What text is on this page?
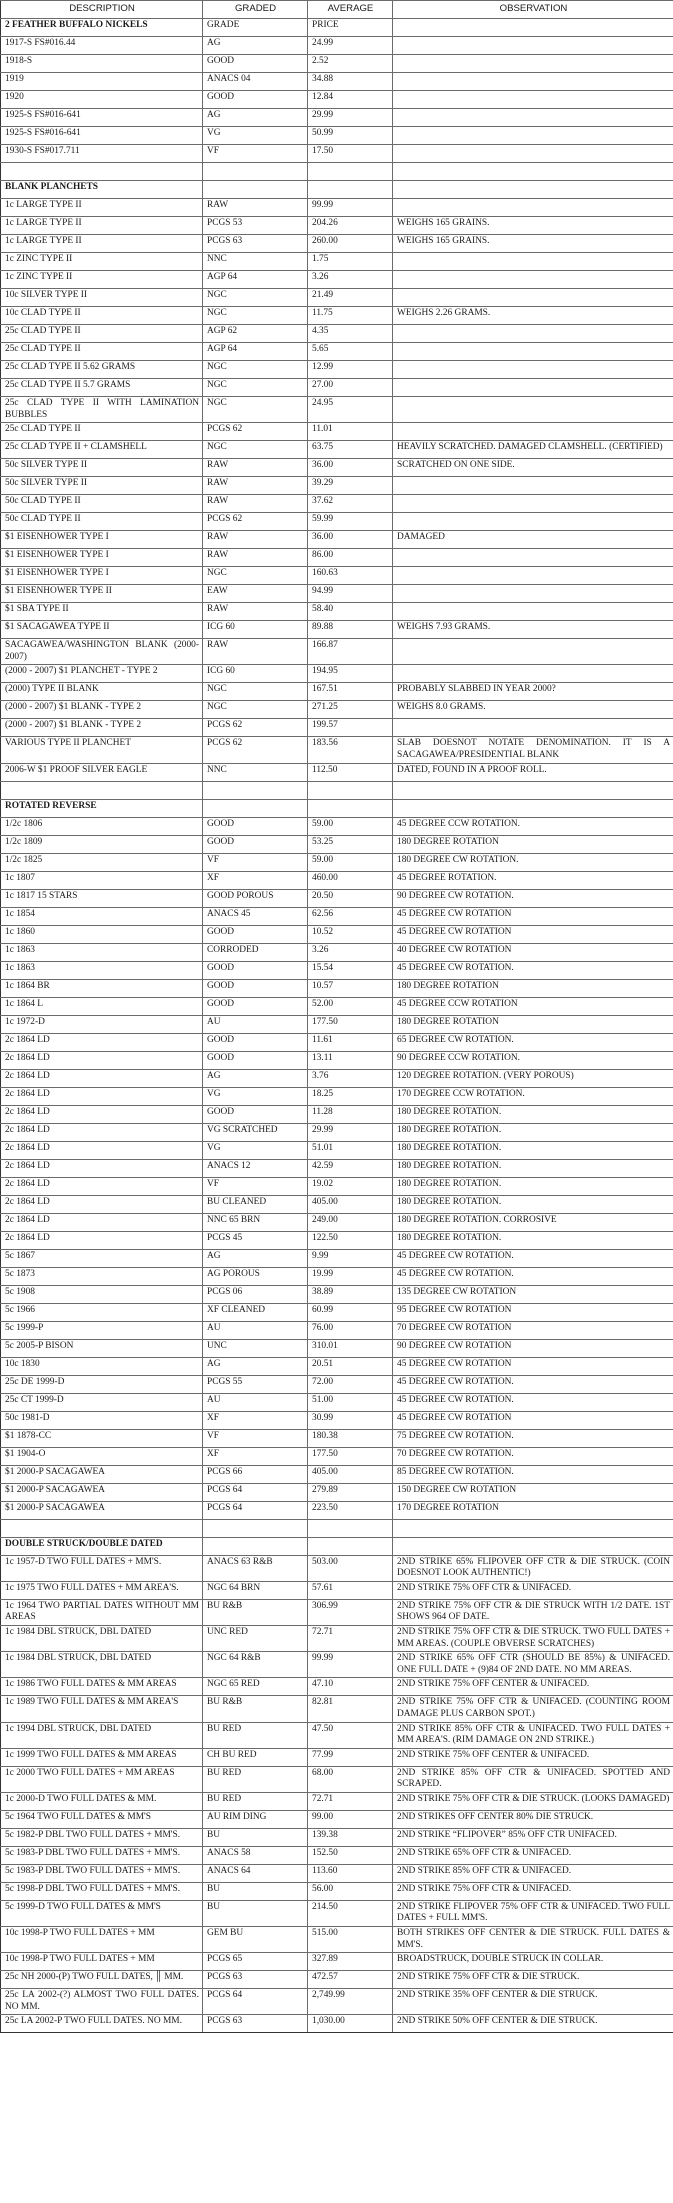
DESCRIPTION	GRADED	AVERAGE	OBSERVATION
2 FEATHER BUFFALO NICKELS	GRADE	PRICE	
1917-S FS#016.44	AG	24.99	
1918-S	GOOD	2.52	
1919	ANACS 04	34.88	
1920	GOOD	12.84	
1925-S FS#016-641	AG	29.99	
1925-S FS#016-641	VG	50.99	
1930-S FS#017.711	VF	17.50	

BLANK PLANCHETS			
1c LARGE TYPE II	RAW	99.99	
1c LARGE TYPE II	PCGS 53	204.26	WEIGHS 165 GRAINS.
1c LARGE TYPE II	PCGS 63	260.00	WEIGHS 165 GRAINS.
1c ZINC TYPE II	NNC	1.75	
1c ZINC TYPE II	AGP 64	3.26	
10c SILVER TYPE II	NGC	21.49	
10c CLAD TYPE II	NGC	11.75	WEIGHS 2.26 GRAMS.
25c CLAD TYPE II	AGP 62	4.35	
25c CLAD TYPE II	AGP 64	5.65	
25c CLAD TYPE II 5.62 GRAMS	NGC	12.99	
25c CLAD TYPE II 5.7 GRAMS	NGC	27.00	
25c CLAD TYPE II WITH LAMINATION BUBBLES	NGC	24.95	
25c CLAD TYPE II	PCGS 62	11.01	
25c CLAD TYPE II + CLAMSHELL	NGC	63.75	HEAVILY SCRATCHED. DAMAGED CLAMSHELL. (CERTIFIED)
50c SILVER TYPE II	RAW	36.00	SCRATCHED ON ONE SIDE.
50c SILVER TYPE II	RAW	39.29	
50c CLAD TYPE II	RAW	37.62	
50c CLAD TYPE II	PCGS 62	59.99	
$1 EISENHOWER TYPE I	RAW	36.00	DAMAGED
$1 EISENHOWER TYPE I	RAW	86.00	
$1 EISENHOWER TYPE I	NGC	160.63	
$1 EISENHOWER TYPE II	EAW	94.99	
$1 SBA TYPE II	RAW	58.40	
$1 SACAGAWEA TYPE II	ICG 60	89.88	WEIGHS 7.93 GRAMS.
SACAGAWEA/WASHINGTON BLANK (2000-2007)	RAW	166.87	
(2000 - 2007) $1 PLANCHET - TYPE 2	ICG 60	194.95	
(2000) TYPE II BLANK	NGC	167.51	PROBABLY SLABBED IN YEAR 2000?
(2000 - 2007) $1 BLANK - TYPE 2	NGC	271.25	WEIGHS 8.0 GRAMS.
(2000 - 2007) $1 BLANK - TYPE 2	PCGS 62	199.57	
VARIOUS TYPE II PLANCHET	PCGS 62	183.56	SLAB DOESNOT NOTATE DENOMINATION. IT IS A SACAGAWEA/PRESIDENTIAL BLANK
2006-W $1 PROOF SILVER EAGLE	NNC	112.50	DATED, FOUND IN A PROOF ROLL.

ROTATED REVERSE			
1/2c 1806	GOOD	59.00	45 DEGREE CCW ROTATION.
1/2c 1809	GOOD	53.25	180 DEGREE ROTATION
1/2c 1825	VF	59.00	180 DEGREE CW ROTATION.
1c 1807	XF	460.00	45 DEGREE ROTATION.
1c 1817 15 STARS	GOOD POROUS	20.50	90 DEGREE CW ROTATION.
1c 1854	ANACS 45	62.56	45 DEGREE CW ROTATION
1c 1860	GOOD	10.52	45 DEGREE CW ROTATION
1c 1863	CORRODED	3.26	40 DEGREE CW ROTATION
1c 1863	GOOD	15.54	45 DEGREE CW ROTATION.
1c 1864 BR	GOOD	10.57	180 DEGREE ROTATION
1c 1864 L	GOOD	52.00	45 DEGREE CCW ROTATION
1c 1972-D	AU	177.50	180 DEGREE ROTATION
2c 1864 LD	GOOD	11.61	65 DEGREE CW ROTATION.
2c 1864 LD	GOOD	13.11	90 DEGREE CCW ROTATION.
2c 1864 LD	AG	3.76	120 DEGREE ROTATION. (VERY POROUS)
2c 1864 LD	VG	18.25	170 DEGREE CCW ROTATION.
2c 1864 LD	GOOD	11.28	180 DEGREE ROTATION.
2c 1864 LD	VG SCRATCHED	29.99	180 DEGREE ROTATION.
2c 1864 LD	VG	51.01	180 DEGREE ROTATION.
2c 1864 LD	ANACS 12	42.59	180 DEGREE ROTATION.
2c 1864 LD	VF	19.02	180 DEGREE ROTATION.
2c 1864 LD	BU CLEANED	405.00	180 DEGREE ROTATION.
2c 1864 LD	NNC 65 BRN	249.00	180 DEGREE ROTATION. CORROSIVE
2c 1864 LD	PCGS 45	122.50	180 DEGREE ROTATION.
5c 1867	AG	9.99	45 DEGREE CW ROTATION.
5c 1873	AG POROUS	19.99	45 DEGREE CW ROTATION.
5c 1908	PCGS 06	38.89	135 DEGREE CW ROTATION
5c 1966	XF CLEANED	60.99	95 DEGREE CW ROTATION
5c 1999-P	AU	76.00	70 DEGREE CW ROTATION
5c 2005-P BISON	UNC	310.01	90 DEGREE CW ROTATION
10c 1830	AG	20.51	45 DEGREE CW ROTATION
25c DE 1999-D	PCGS 55	72.00	45 DEGREE CW ROTATION.
25c CT 1999-D	AU	51.00	45 DEGREE CW ROTATION.
50c 1981-D	XF	30.99	45 DEGREE CW ROTATION
$1 1878-CC	VF	180.38	75 DEGREE CW ROTATION.
$1 1904-O	XF	177.50	70 DEGREE CW ROTATION.
$1 2000-P SACAGAWEA	PCGS 66	405.00	85 DEGREE CW ROTATION.
$1 2000-P SACAGAWEA	PCGS 64	279.89	150 DEGREE CW ROTATION
$1 2000-P SACAGAWEA	PCGS 64	223.50	170 DEGREE ROTATION

DOUBLE STRUCK/DOUBLE DATED			
1c 1957-D TWO FULL DATES + MM'S.	ANACS 63 R&B	503.00	2ND STRIKE 65% FLIPOVER OFF CTR & DIE STRUCK. (COIN DOESNOT LOOK AUTHENTIC!)
1c 1975 TWO FULL DATES + MM AREA'S.	NGC 64 BRN	57.61	2ND STRIKE 75% OFF CTR & UNIFACED.
1c 1964 TWO PARTIAL DATES WITHOUT MM AREAS	BU R&B	306.99	2ND STRIKE 75% OFF CTR & DIE STRUCK WITH 1/2 DATE. 1ST SHOWS 964 OF DATE.
1c 1984 DBL STRUCK, DBL DATED	UNC RED	72.71	2ND STRIKE 75% OFF CTR & DIE STRUCK. TWO FULL DATES + MM AREAS. (COUPLE OBVERSE SCRATCHES)
1c 1984 DBL STRUCK, DBL DATED	NGC 64 R&B	99.99	2ND STRIKE 65% OFF CTR (SHOULD BE 85%) & UNIFACED. ONE FULL DATE + (9)84 OF 2ND DATE. NO MM AREAS.
1c 1986 TWO FULL DATES & MM AREAS	NGC 65 RED	47.10	2ND STRIKE 75% OFF CENTER & UNIFACED.
1c 1989 TWO FULL DATES & MM AREA'S	BU R&B	82.81	2ND STRIKE 75% OFF CTR & UNIFACED. (COUNTING ROOM DAMAGE PLUS CARBON SPOT.)
1c 1994 DBL STRUCK, DBL DATED	BU RED	47.50	2ND STRIKE 85% OFF CTR & UNIFACED. TWO FULL DATES + MM AREA'S. (RIM DAMAGE ON 2ND STRIKE.)
1c 1999 TWO FULL DATES & MM AREAS	CH BU RED	77.99	2ND STRIKE 75% OFF CENTER & UNIFACED.
1c 2000 TWO FULL DATES + MM AREAS	BU RED	68.00	2ND STRIKE 85% OFF CTR & UNIFACED. SPOTTED AND SCRAPED.
1c 2000-D TWO FULL DATES & MM.	BU RED	72.71	2ND STRIKE 75% OFF CTR & DIE STRUCK. (LOOKS DAMAGED)
5c 1964 TWO FULL DATES & MM'S	AU RIM DING	99.00	2ND STRIKES OFF CENTER 80% DIE STRUCK.
5c 1982-P DBL TWO FULL DATES + MM'S.	BU	139.38	2ND STRIKE “FLIPOVER” 85% OFF CTR UNIFACED.
5c 1983-P DBL TWO FULL DATES + MM'S.	ANACS 58	152.50	2ND STRIKE 65% OFF CTR & UNIFACED.
5c 1983-P DBL TWO FULL DATES + MM'S.	ANACS 64	113.60	2ND STRIKE 85% OFF CTR & UNIFACED.
5c 1998-P DBL TWO FULL DATES + MM'S.	BU	56.00	2ND STRIKE 75% OFF CTR & UNIFACED.
5c 1999-D TWO FULL DATES & MM'S	BU	214.50	2ND STRIKE FLIPOVER 75% OFF CTR & UNIFACED. TWO FULL DATES + FULL MM'S.
10c 1998-P TWO FULL DATES + MM	GEM BU	515.00	BOTH STRIKES OFF CENTER & DIE STRUCK. FULL DATES & MM'S.
10c 1998-P TWO FULL DATES + MM	PCGS 65	327.89	BROADSTRUCK, DOUBLE STRUCK IN COLLAR.
25c NH 2000-(P) TWO FULL DATES, ║ MM.	PCGS 63	472.57	2ND STRIKE 75% OFF CTR & DIE STRUCK.
25c LA 2002-(?) ALMOST TWO FULL DATES. NO MM.	PCGS 64	2,749.99	2ND STRIKE 35% OFF CENTER & DIE STRUCK.
25c LA 2002-P TWO FULL DATES. NO MM.	PCGS 63	1,030.00	2ND STRIKE 50% OFF CENTER & DIE STRUCK.
